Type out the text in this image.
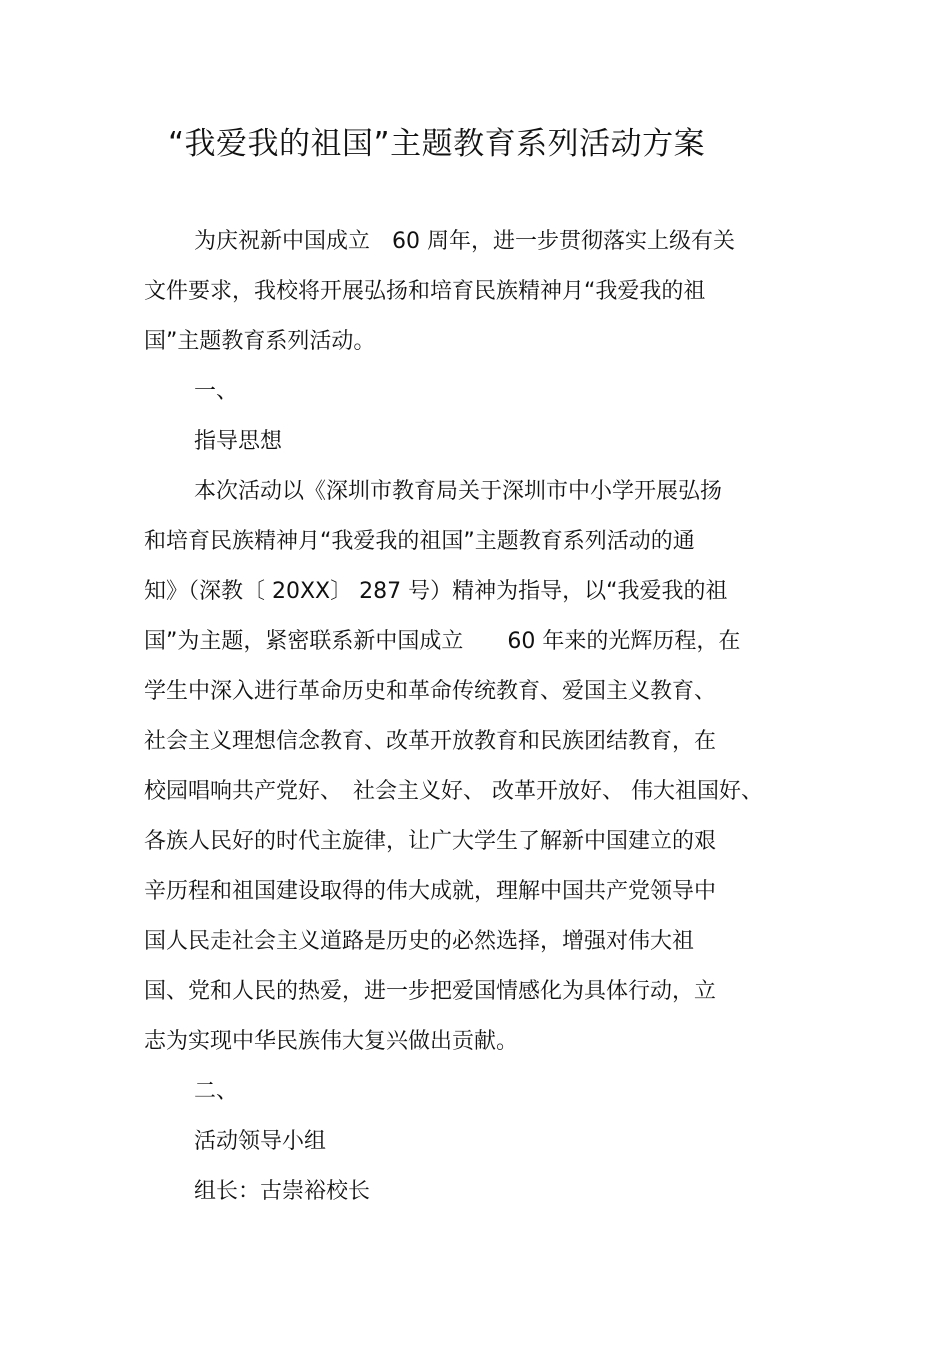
“我爱我的祖国”主题教育系列活动方案
为庆祝新中国成立　60 周年，进一步贯彻落实上级有关
文件要求，我校将开展弘扬和培育民族精神月“我爱我的祖
国”主题教育系列活动。
一、
指导思想
本次活动以《深圳市教育局关于深圳市中小学开展弘扬
和培育民族精神月“我爱我的祖国”主题教育系列活动的通
知》（深教〔 20XX〕 287 号）精神为指导，以“我爱我的祖
国”为主题，紧密联系新中国成立　　60 年来的光辉历程，在
学生中深入进行革命历史和革命传统教育、爱国主义教育、
社会主义理想信念教育、改革开放教育和民族团结教育，在
校园唱响共产党好、　社会主义好、 改革开放好、 伟大祖国好、
各族人民好的时代主旋律，让广大学生了解新中国建立的艰
辛历程和祖国建设取得的伟大成就，理解中国共产党领导中
国人民走社会主义道路是历史的必然选择，增强对伟大祖
国、党和人民的热爱，进一步把爱国情感化为具体行动，立
志为实现中华民族伟大复兴做出贡献。
二、
活动领导小组
组长：古崇裕校长
